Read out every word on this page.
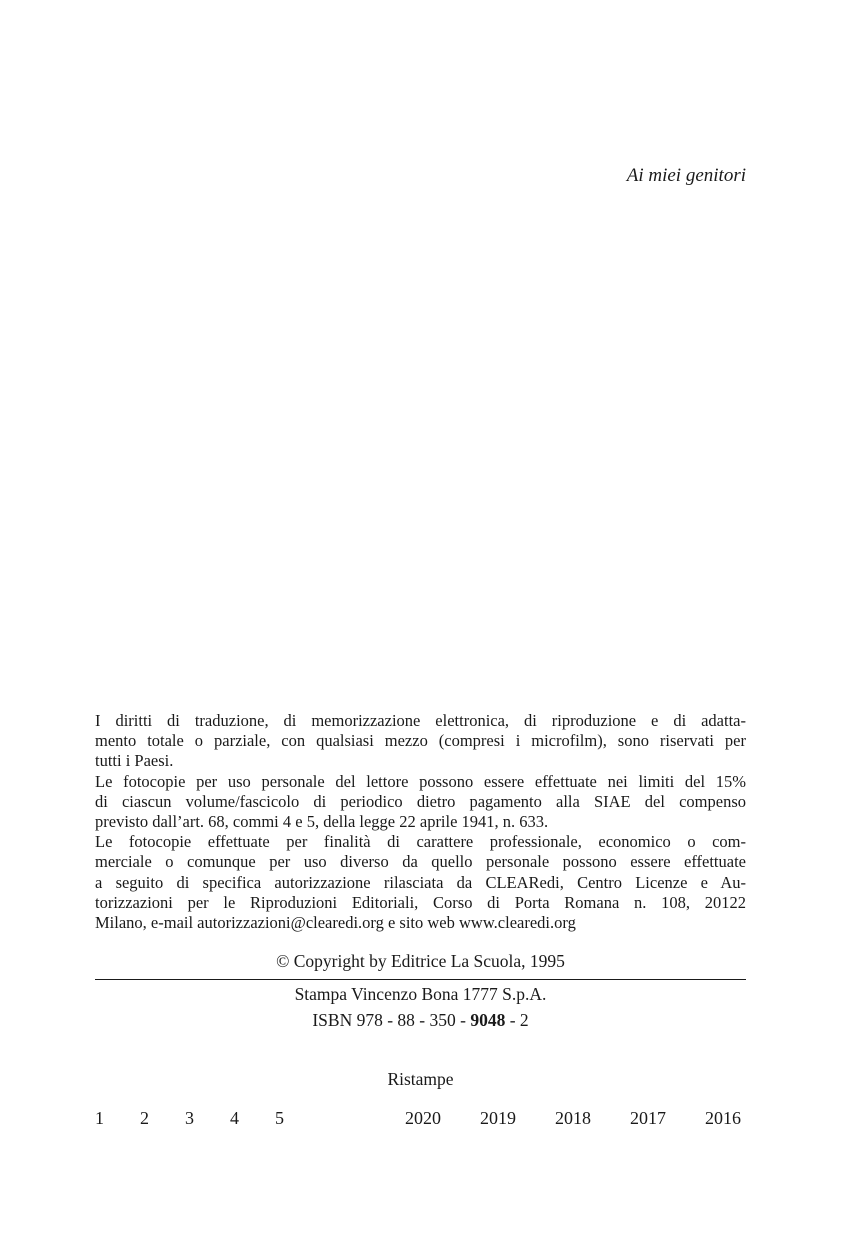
Ai miei genitori

I diritti di traduzione, di memorizzazione elettronica, di riproduzione e di adatta-

mento totale o parziale, con qualsiasi mezzo (compresi i microfilm), sono riservati per

tutti i Paesi.

Le fotocopie per uso personale del lettore possono essere effettuate nei limiti del 15%

di ciascun volume/fascicolo di periodico dietro pagamento alla SIAE del compenso

previsto dall’art. 68, commi 4 e 5, della legge 22 aprile 1941, n. 633.

Le fotocopie effettuate per finalità di carattere professionale, economico o com-

merciale o comunque per uso diverso da quello personale possono essere effettuate

a seguito di specifica autorizzazione rilasciata da CLEARedi, Centro Licenze e Au-

torizzazioni per le Riproduzioni Editoriali, Corso di Porta Romana n. 108, 20122

Milano, e-mail autorizzazioni@clearedi.org e sito web www.clearedi.org

© Copyright by Editrice La Scuola, 1995

Stampa Vincenzo Bona 1777 S.p.A.

ISBN 978 - 88 - 350 - 9048 - 2

Ristampe

1 2 3 4 5	2020 2019 2018 2017 2016
